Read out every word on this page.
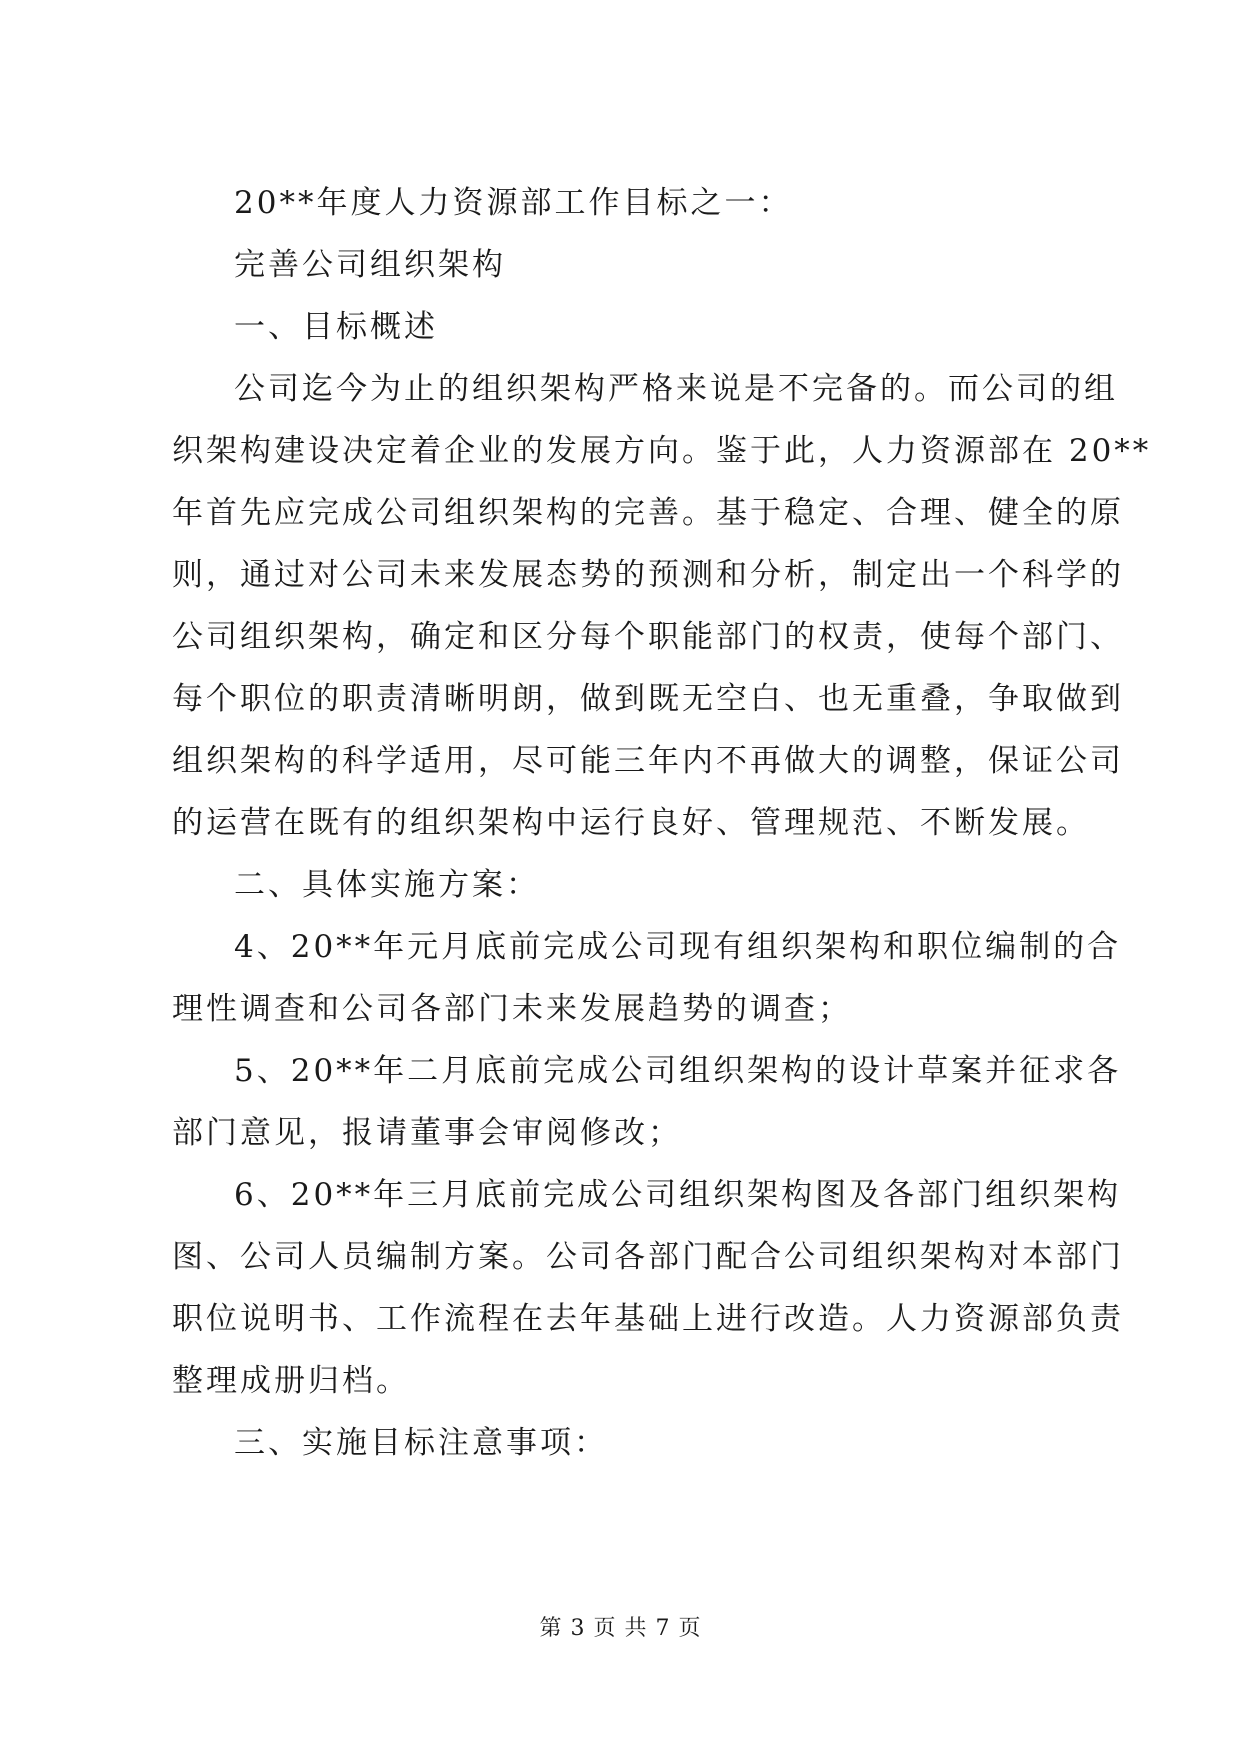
20**年度人力资源部工作目标之一：

完善公司组织架构

一、目标概述

公司迄今为止的组织架构严格来说是不完备的。而公司的组

织架构建设决定着企业的发展方向。鉴于此，人力资源部在 20**

年首先应完成公司组织架构的完善。基于稳定、合理、健全的原

则，通过对公司未来发展态势的预测和分析，制定出一个科学的

公司组织架构，确定和区分每个职能部门的权责，使每个部门、

每个职位的职责清晰明朗，做到既无空白、也无重叠，争取做到

组织架构的科学适用，尽可能三年内不再做大的调整，保证公司

的运营在既有的组织架构中运行良好、管理规范、不断发展。

二、具体实施方案：

4、20**年元月底前完成公司现有组织架构和职位编制的合

理性调查和公司各部门未来发展趋势的调查；

5、20**年二月底前完成公司组织架构的设计草案并征求各

部门意见，报请董事会审阅修改；

6、20**年三月底前完成公司组织架构图及各部门组织架构

图、公司人员编制方案。公司各部门配合公司组织架构对本部门

职位说明书、工作流程在去年基础上进行改造。人力资源部负责

整理成册归档。

三、实施目标注意事项：

第 3 页 共 7 页
